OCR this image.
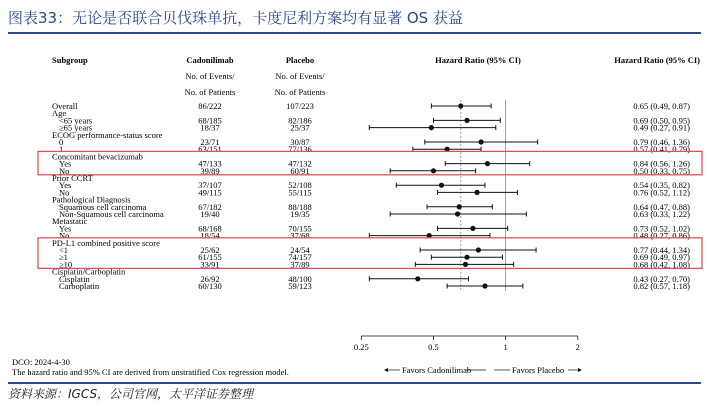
图表33：无论是否联合贝伐珠单抗，卡度尼利方案均有显著 OS 获益
Subgroup	Cadonilimab	Placebo	Hazard Ratio (95% CI)	Hazard Ratio (95% CI)
No. of Events/	No. of Events/
No. of Patients	No. of Patients
Overall	86/222	107/223	0.65 (0.49, 0.87)
Age
<65 years	68/185	82/186	0.69 (0.50, 0.95)
≥65 years	18/37	25/37	0.49 (0.27, 0.91)
ECOG performance-status score
0	23/71	30/87	0.79 (0.46, 1.36)
1	63/151	77/136	0.57 (0.41, 0.79)
Concomitant bevacizumab
Yes	47/133	47/132	0.84 (0.56, 1.26)
No	39/89	60/91	0.50 (0.33, 0.75)
Prior CCRT
Yes	37/107	52/108	0.54 (0.35, 0.82)
No	49/115	55/115	0.76 (0.52, 1.12)
Pathological Diagnosis
Squamous cell carcinoma	67/182	88/188	0.64 (0.47, 0.88)
Non-Squamous cell carcinoma	19/40	19/35	0.63 (0.33, 1.22)
Metastatic
Yes	68/168	70/155	0.73 (0.52, 1.02)
No	18/54	37/68	0.48 (0.27, 0.86)
PD-L1 combined positive score
<1	25/62	24/54	0.77 (0.44, 1.34)
≥1	61/155	74/157	0.69 (0.49, 0.97)
≥10	33/91	37/89	0.68 (0.42, 1.08)
Cisplatin/Carboplatin
Cisplatin	26/92	48/100	0.43 (0.27, 0.70)
Carboplatin	60/130	59/123	0.82 (0.57, 1.18)
0.25	0.5	1	2
Favors Cadonilimab	Favors Placebo
DCO: 2024-4-30
The hazard ratio and 95% CI are derived from unstratified Cox regression model.
资料来源：IGCS，公司官网，太平洋证券整理
